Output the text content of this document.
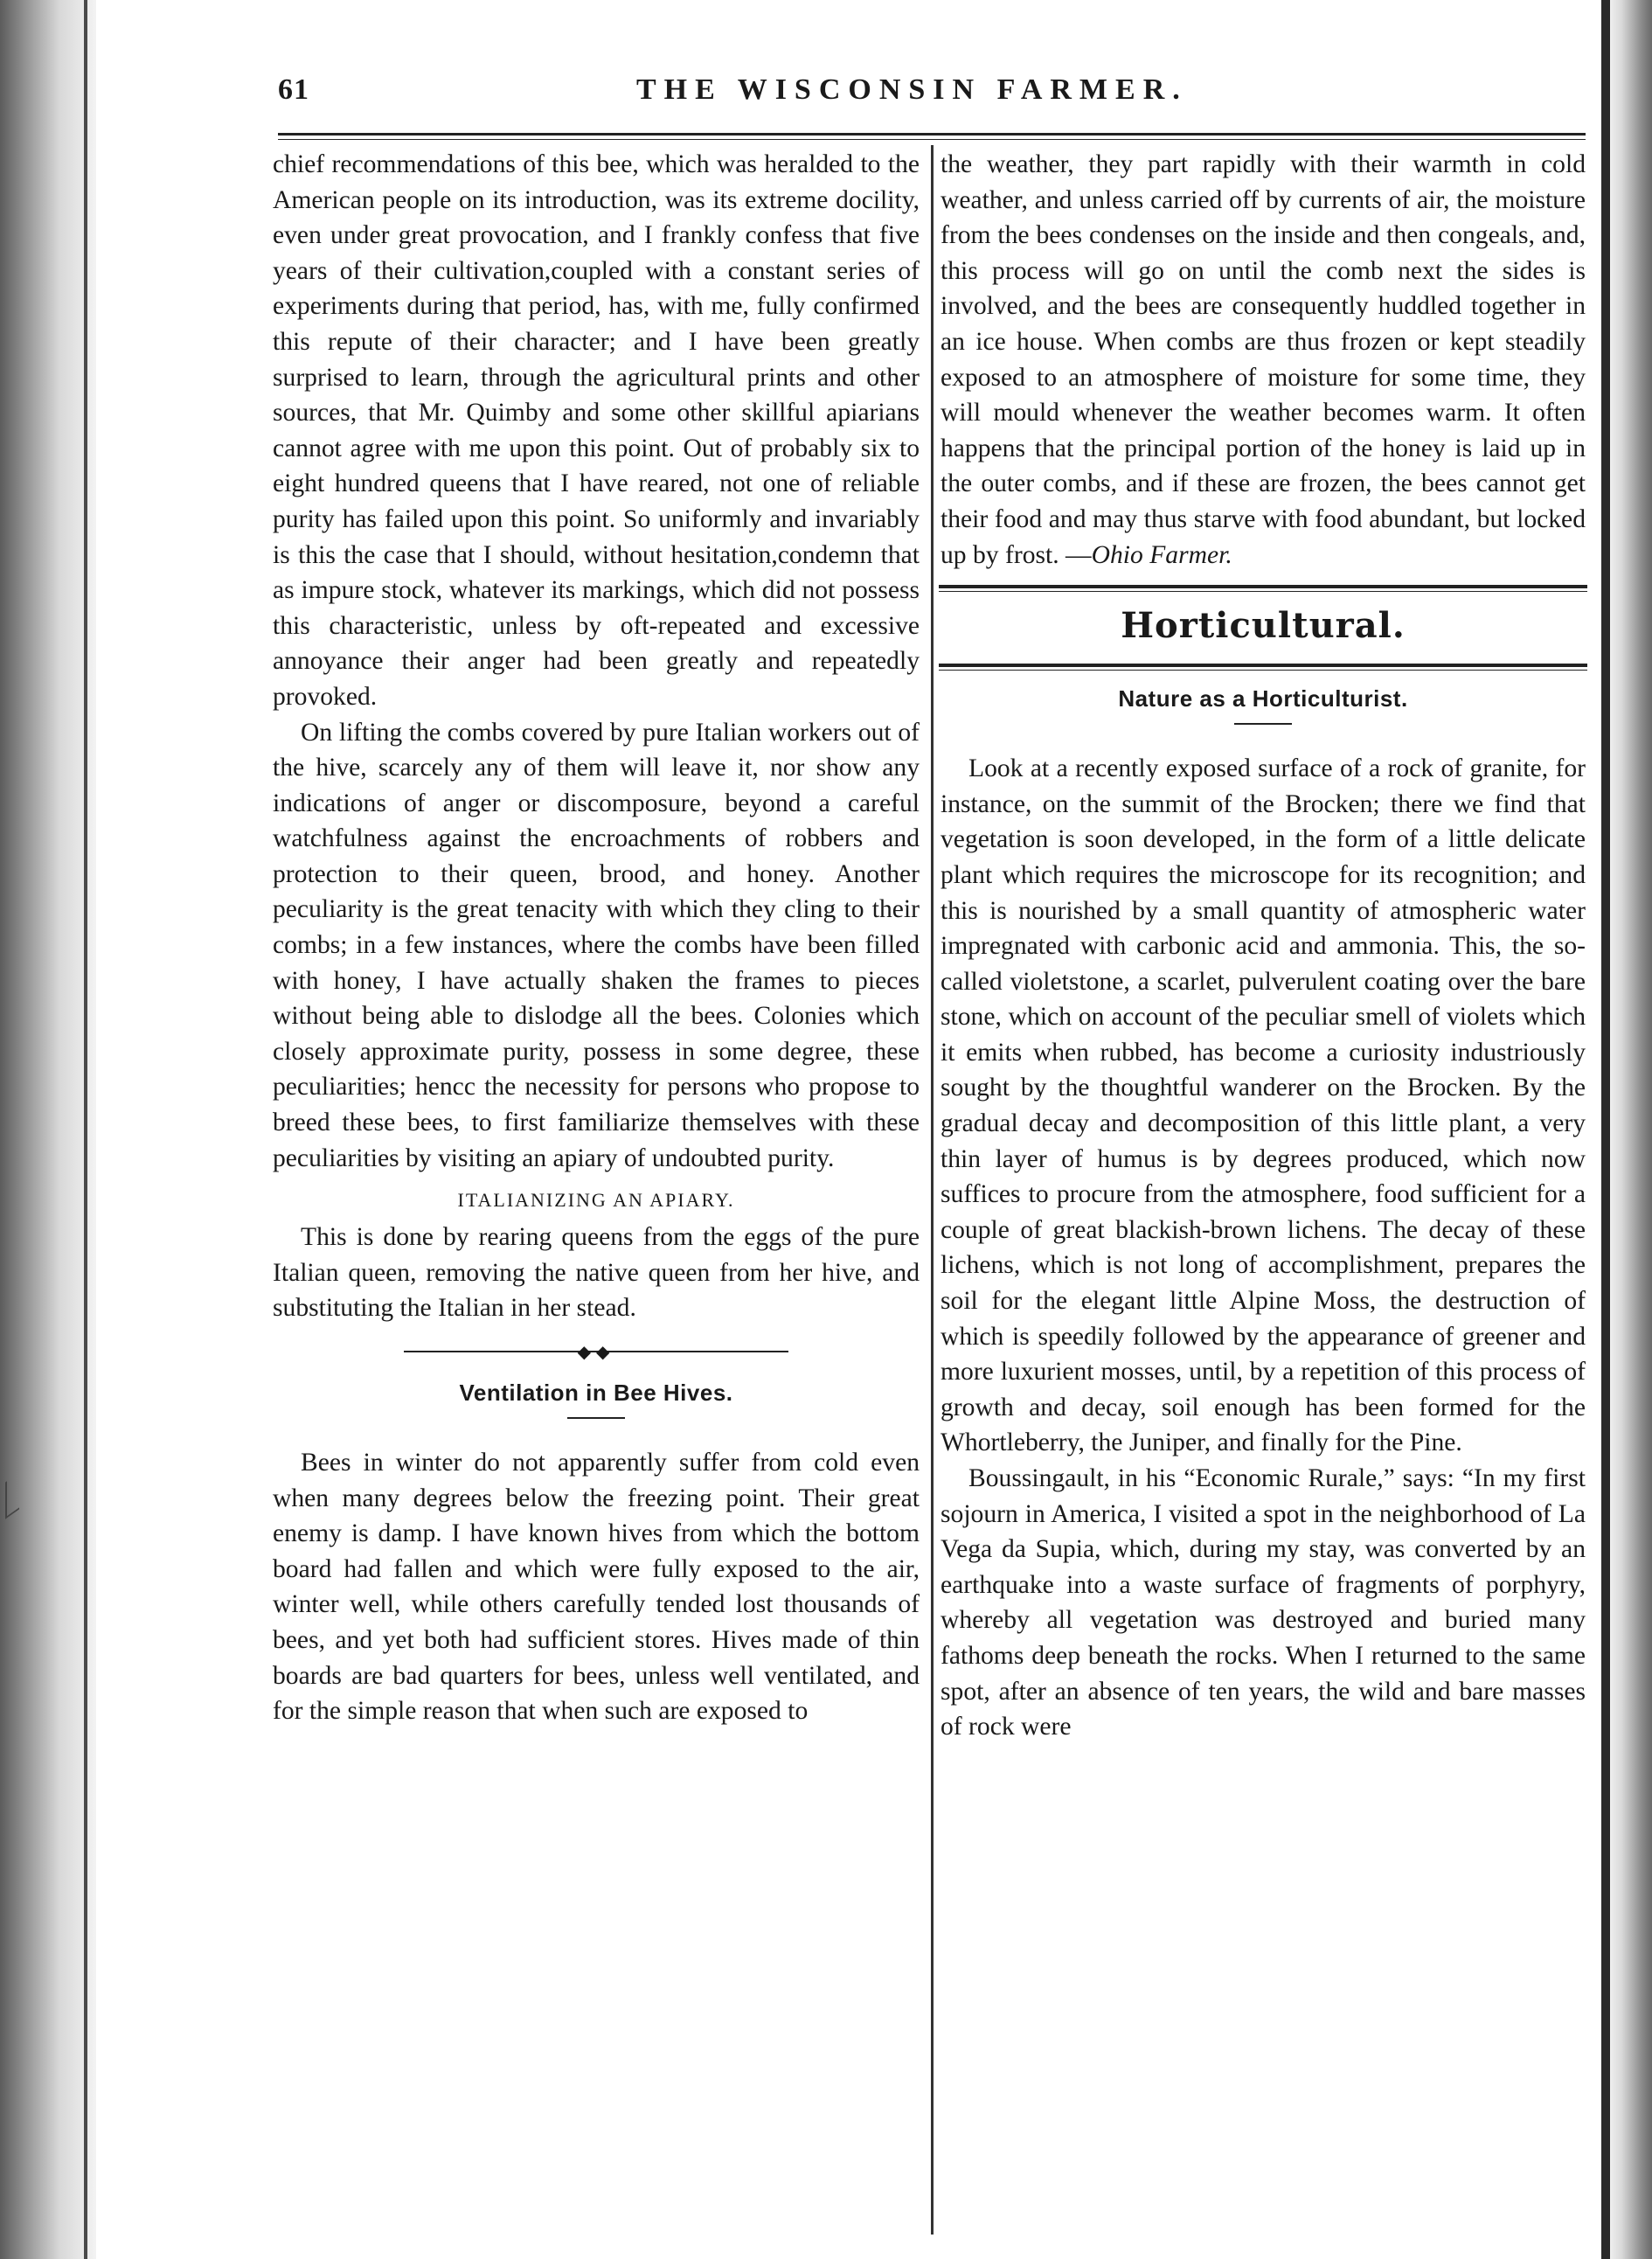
61	THE WISCONSIN FARMER.

chief recommendations of this bee, which was heralded to the American people on its introduction, was its extreme docility, even under great provocation, and I frankly confess that five years of their cultivation,coupled with a constant series of experiments during that period, has, with me, fully confirmed this repute of their character; and I have been greatly surprised to learn, through the agricultural prints and other sources, that Mr. Quimby and some other skillful apiarians cannot agree with me upon this point. Out of probably six to eight hundred queens that I have reared, not one of reliable purity has failed upon this point. So uniformly and invariably is this the case that I should, without hesitation,condemn that as impure stock, whatever its markings, which did not possess this characteristic, unless by oft-repeated and excessive annoyance their anger had been greatly and repeatedly provoked.

On lifting the combs covered by pure Italian workers out of the hive, scarcely any of them will leave it, nor show any indications of anger or discomposure, beyond a careful watchfulness against the encroachments of robbers and protection to their queen, brood, and honey. Another peculiarity is the great tenacity with which they cling to their combs; in a few instances, where the combs have been filled with honey, I have actually shaken the frames to pieces without being able to dislodge all the bees. Colonies which closely approximate purity, possess in some degree, these peculiarities; hencc the necessity for persons who propose to breed these bees, to first familiarize themselves with these peculiarities by visiting an apiary of undoubted purity.

ITALIANIZING AN APIARY.

This is done by rearing queens from the eggs of the pure Italian queen, removing the native queen from her hive, and substituting the Italian in her stead.

◆◆
Ventilation in Bee Hives.

Bees in winter do not apparently suffer from cold even when many degrees below the freezing point. Their great enemy is damp. I have known hives from which the bottom board had fallen and which were fully exposed to the air, winter well, while others carefully tended lost thousands of bees, and yet both had sufficient stores. Hives made of thin boards are bad quarters for bees, unless well ventilated, and for the simple reason that when such are exposed to

the weather, they part rapidly with their warmth in cold weather, and unless carried off by currents of air, the moisture from the bees condenses on the inside and then congeals, and, this process will go on until the comb next the sides is involved, and the bees are consequently huddled together in an ice house. When combs are thus frozen or kept steadily exposed to an atmosphere of moisture for some time, they will mould whenever the weather becomes warm. It often happens that the principal portion of the honey is laid up in the outer combs, and if these are frozen, the bees cannot get their food and may thus starve with food abundant, but locked up by frost. —Ohio Farmer.

Horticultural.
Nature as a Horticulturist.

Look at a recently exposed surface of a rock of granite, for instance, on the summit of the Brocken; there we find that vegetation is soon developed, in the form of a little delicate plant which requires the microscope for its recognition; and this is nourished by a small quantity of atmospheric water impregnated with carbonic acid and ammonia. This, the so-called violetstone, a scarlet, pulverulent coating over the bare stone, which on account of the peculiar smell of violets which it emits when rubbed, has become a curiosity industriously sought by the thoughtful wanderer on the Brocken. By the gradual decay and decomposition of this little plant, a very thin layer of humus is by degrees produced, which now suffices to procure from the atmosphere, food sufficient for a couple of great blackish-brown lichens. The decay of these lichens, which is not long of accomplishment, prepares the soil for the elegant little Alpine Moss, the destruction of which is speedily followed by the appearance of greener and more luxurient mosses, until, by a repetition of this process of growth and decay, soil enough has been formed for the Whortleberry, the Juniper, and finally for the Pine.

Boussingault, in his “Economic Rurale,” says: “In my first sojourn in America, I visited a spot in the neighborhood of La Vega da Supia, which, during my stay, was converted by an earthquake into a waste surface of fragments of porphyry, whereby all vegetation was destroyed and buried many fathoms deep beneath the rocks. When I returned to the same spot, after an absence of ten years, the wild and bare masses of rock were
